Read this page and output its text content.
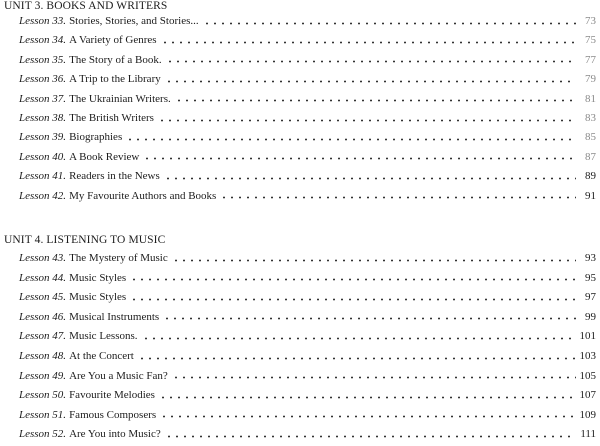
UNIT 3. BOOKS AND WRITERS
Lesson 33. Stories, Stories, and Stories...	73
Lesson 34. A Variety of Genres	75
Lesson 35. The Story of a Book.	77
Lesson 36. A Trip to the Library	79
Lesson 37. The Ukrainian Writers.	81
Lesson 38. The British Writers	83
Lesson 39. Biographies	85
Lesson 40. A Book Review	87
Lesson 41. Readers in the News	89
Lesson 42. My Favourite Authors and Books	91
UNIT 4. LISTENING TO MUSIC
Lesson 43. The Mystery of Music	93
Lesson 44. Music Styles	95
Lesson 45. Music Styles	97
Lesson 46. Musical Instruments	99
Lesson 47. Music Lessons.	101
Lesson 48. At the Concert	103
Lesson 49. Are You a Music Fan?	105
Lesson 50. Favourite Melodies	107
Lesson 51. Famous Composers	109
Lesson 52. Are You into Music?	111
